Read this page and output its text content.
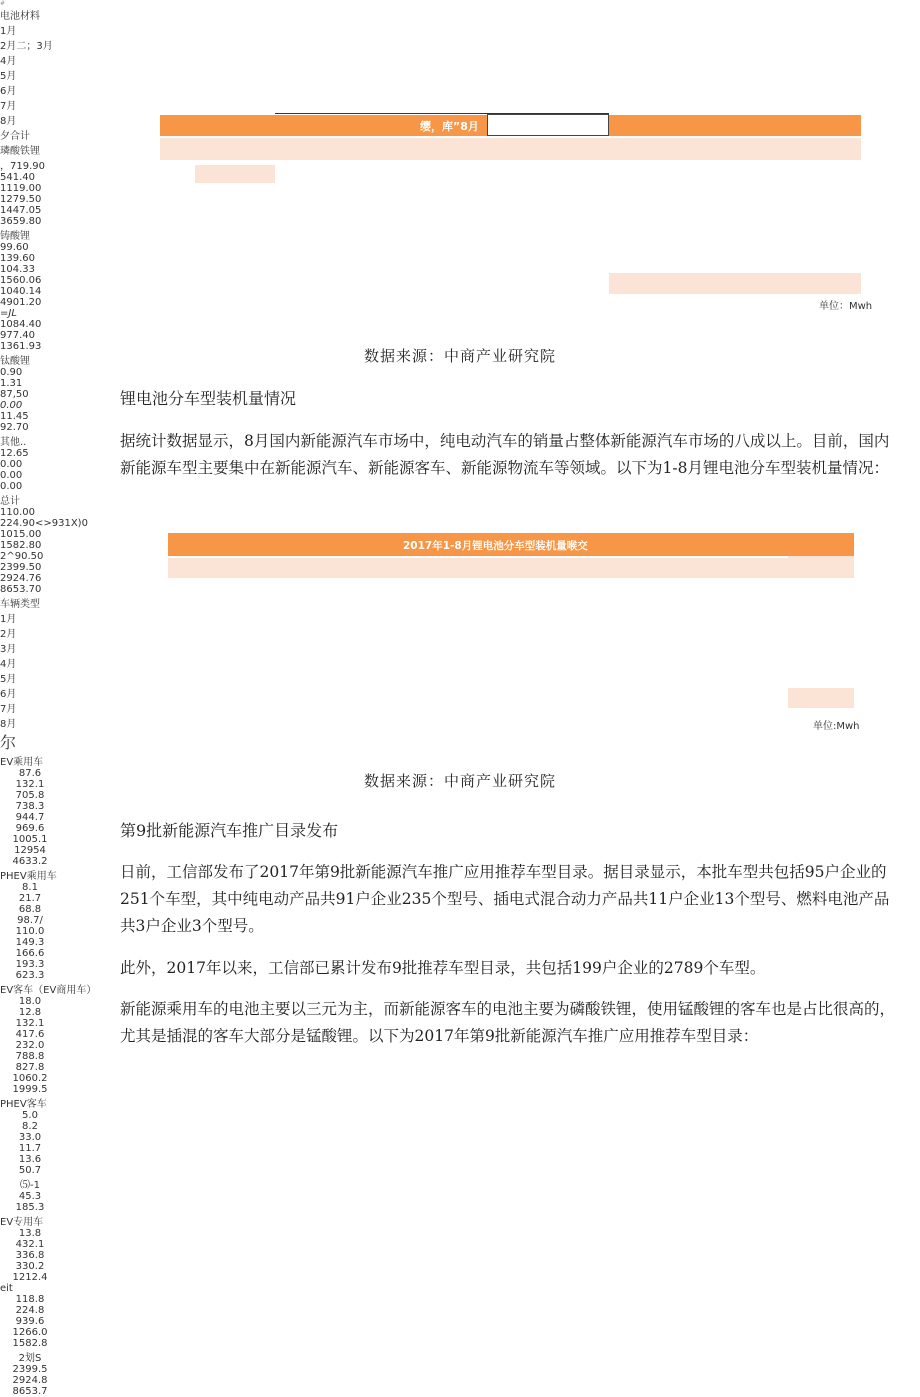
缨，库”8月
#
电池材料
1月
2月二；3月
4月
5月
6月
7月
8月
夕合计
璘酸铁锂
，719.90
541.40
1119.00
1279.50
1447.05
3659.80
铸酸锂
99.60
139.60
104.33
1560.06
1040.14
4901.20
=JL
1084.40
977.40
1361.93
钛酸锂
0.90
1.31
87,50
0.00
11.45
92.70
其他..
12.65
0.00
0.00
0.00
总计
110.00
224.90<>931X)0
1015.00
1582.80
2^90.50
2399.50
2924.76
8653.70
单位：Mwh
数据来源：中商产业研究院
锂电池分车型装机量情况
据统计数据显示，8月国内新能源汽车市场中，纯电动汽车的销量占整体新能源汽车市场的八成以上。目前，国内新能源车型主要集中在新能源汽车、新能源客车、新能源物流车等领域。以下为1-8月锂电池分车型装机量情况：
2017年1-8月锂电池分车型装机量喉交
车辆类型
1月
2月
3月
4月
5月
6月
7月
8月
尔
EV乘用车
87.6
132.1
705.8
738.3
944.7
969.6
1005.1
12954
4633.2
PHEV乘用车
8.1
21.7
68.8
98.7/
110.0
149.3
166.6
193.3
623.3
EV客车（EV商用车）
18.0
12.8
132.1
417.6
232.0
788.8
827.8
1060.2
1999.5
PHEV客车
5.0
8.2
33.0
11.7
13.6
50.7
⑸-1
45.3
185.3
EV专用车
13.8
432.1
336.8
330.2
1212.4
eit
118.8
224.8
939.6
1266.0
1582.8
2划S
2399.5
2924.8
8653.7
单位:Mwh
数据来源：中商产业研究院
第9批新能源汽车推广目录发布
日前，工信部发布了2017年第9批新能源汽车推广应用推荐车型目录。据目录显示，本批车型共包括95户企业的251个车型，其中纯电动产品共91户企业235个型号、插电式混合动力产品共11户企业13个型号、燃料电池产品共3户企业3个型号。
此外，2017年以来，工信部已累计发布9批推荐车型目录，共包括199户企业的2789个车型。
新能源乘用车的电池主要以三元为主，而新能源客车的电池主要为磷酸铁锂，使用锰酸锂的客车也是占比很高的，尤其是插混的客车大部分是锰酸锂。以下为2017年第9批新能源汽车推广应用推荐车型目录：
